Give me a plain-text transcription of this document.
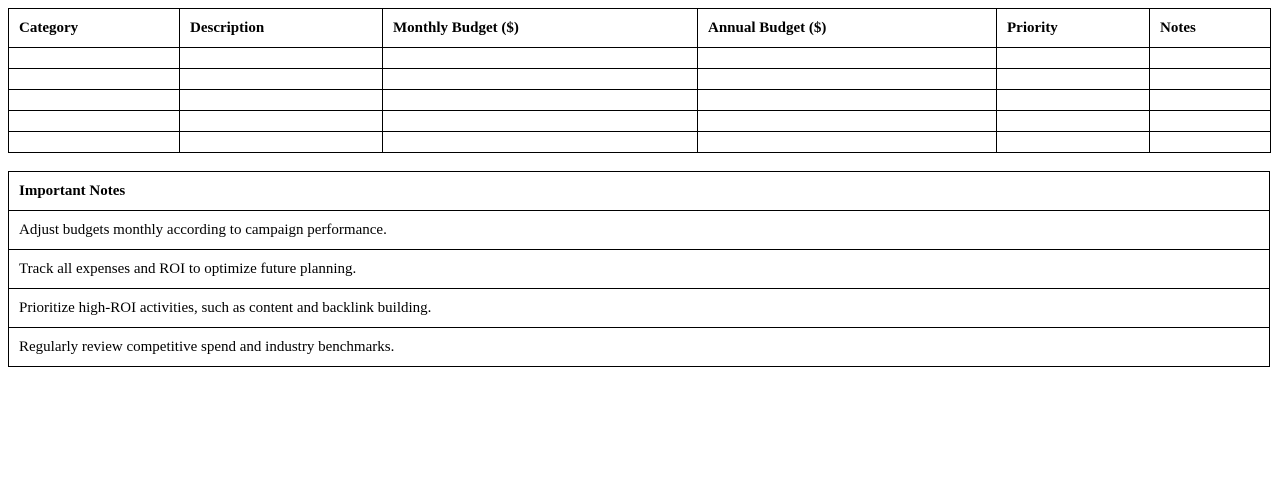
Category	Description	Monthly Budget ($)	Annual Budget ($)	Priority	Notes

Important Notes
Adjust budgets monthly according to campaign performance.
Track all expenses and ROI to optimize future planning.
Prioritize high-ROI activities, such as content and backlink building.
Regularly review competitive spend and industry benchmarks.
